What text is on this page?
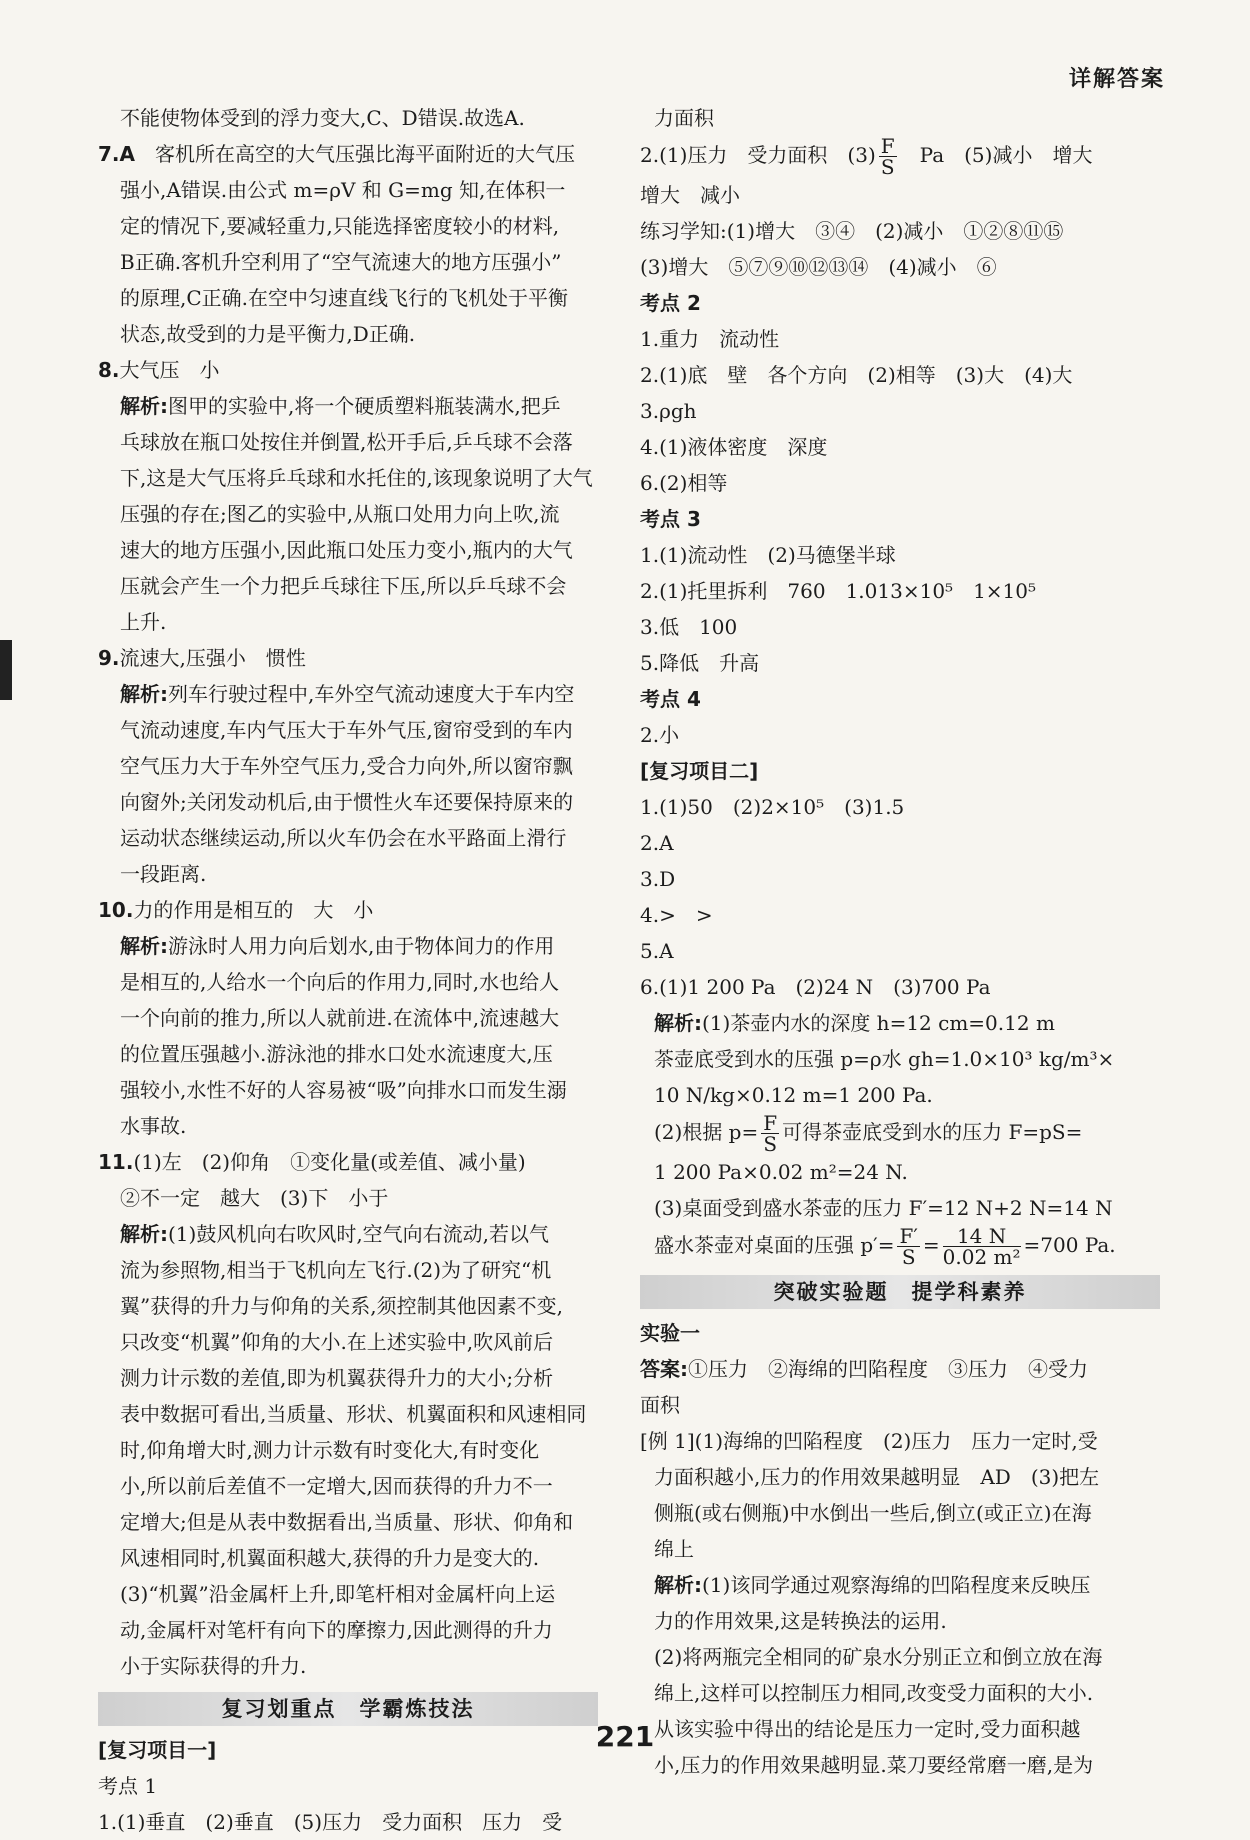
详解答案

不能使物体受到的浮力变大,C、D错误.故选A.

7.A　 客机所在高空的大气压强比海平面附近的大气压

强小,A错误.由公式 m=ρV 和 G=mg 知,在体积一

定的情况下,要减轻重力,只能选择密度较小的材料,

B正确.客机升空利用了“空气流速大的地方压强小”

的原理,C正确.在空中匀速直线飞行的飞机处于平衡

状态,故受到的力是平衡力,D正确.

8.大气压　小

解析:图甲的实验中,将一个硬质塑料瓶装满水,把乒

乓球放在瓶口处按住并倒置,松开手后,乒乓球不会落

下,这是大气压将乒乓球和水托住的,该现象说明了大气

压强的存在;图乙的实验中,从瓶口处用力向上吹,流

速大的地方压强小,因此瓶口处压力变小,瓶内的大气

压就会产生一个力把乒乓球往下压,所以乒乓球不会

上升.

9.流速大,压强小　惯性

解析:列车行驶过程中,车外空气流动速度大于车内空

气流动速度,车内气压大于车外气压,窗帘受到的车内

空气压力大于车外空气压力,受合力向外,所以窗帘飘

向窗外;关闭发动机后,由于惯性火车还要保持原来的

运动状态继续运动,所以火车仍会在水平路面上滑行

一段距离.

10.力的作用是相互的　大　小

解析:游泳时人用力向后划水,由于物体间力的作用

是相互的,人给水一个向后的作用力,同时,水也给人

一个向前的推力,所以人就前进.在流体中,流速越大

的位置压强越小.游泳池的排水口处水流速度大,压

强较小,水性不好的人容易被“吸”向排水口而发生溺

水事故.

11.(1)左　(2)仰角　①变化量(或差值、减小量)

②不一定　越大　(3)下　小于

解析:(1)鼓风机向右吹风时,空气向右流动,若以气

流为参照物,相当于飞机向左飞行.(2)为了研究“机

翼”获得的升力与仰角的关系,须控制其他因素不变,

只改变“机翼”仰角的大小.在上述实验中,吹风前后

测力计示数的差值,即为机翼获得升力的大小;分析

表中数据可看出,当质量、形状、机翼面积和风速相同

时,仰角增大时,测力计示数有时变化大,有时变化

小,所以前后差值不一定增大,因而获得的升力不一

定增大;但是从表中数据看出,当质量、形状、仰角和

风速相同时,机翼面积越大,获得的升力是变大的.

(3)“机翼”沿金属杆上升,即笔杆相对金属杆向上运

动,金属杆对笔杆有向下的摩擦力,因此测得的升力

小于实际获得的升力.

复习划重点　学霸炼技法

[复习项目一]

考点 1

1.(1)垂直　(2)垂直　(5)压力　受力面积　压力　受

力面积

2.(1)压力　受力面积　$(3) \frac{F}{S}$ 　Pa　(5)减小　增大

增大　减小

练习学知:(1)增大　③④　(2)减小　①②⑧⑪⑮

(3)增大　⑤⑦⑨⑩⑫⑬⑭　(4)减小　⑥

考点 2

1.重力　流动性

2.(1)底　壁　各个方向　(2)相等　(3)大　(4)大

3.ρgh

4.(1)液体密度　深度

6.(2)相等

考点 3

1.(1)流动性　(2)马德堡半球

2.(1)托里拆利　760　1.013×10⁵　1×10⁵

3.低　100

5.降低　升高

考点 4

2.小

[复习项目二]

1.(1)50　(2)2×10⁵　(3)1.5

2.A

3.D

4.>　>

5.A

6.(1)1 200 Pa　(2)24 N　(3)700 Pa

解析:(1)茶壶内水的深度 h=12 cm=0.12 m

茶壶底受到水的压强 p=ρ水 gh=1.0×10³ kg/m³×

10 N/kg×0.12 m=1 200 Pa.

(2)根据 $p= \frac{F}{S}$ 可得茶壶底受到水的压力 F=pS=

1 200 Pa×0.02 m²=24 N.

(3)桌面受到盛水茶壶的压力 F′=12 N+2 N=14 N

盛水茶壶对桌面的压强 $p'= \frac{F'}{S} = \frac{14 N}{\text{0.02 m²}} =700$ Pa.

突破实验题　提学科素养

实验一

答案:①压力　②海绵的凹陷程度　③压力　④受力

面积

[例 1](1)海绵的凹陷程度　(2)压力　压力一定时,受

力面积越小,压力的作用效果越明显　AD　(3)把左

侧瓶(或右侧瓶)中水倒出一些后,倒立(或正立)在海

绵上

解析:(1)该同学通过观察海绵的凹陷程度来反映压

力的作用效果,这是转换法的运用.

(2)将两瓶完全相同的矿泉水分别正立和倒立放在海

绵上,这样可以控制压力相同,改变受力面积的大小.

从该实验中得出的结论是压力一定时,受力面积越

小,压力的作用效果越明显.菜刀要经常磨一磨,是为

221
